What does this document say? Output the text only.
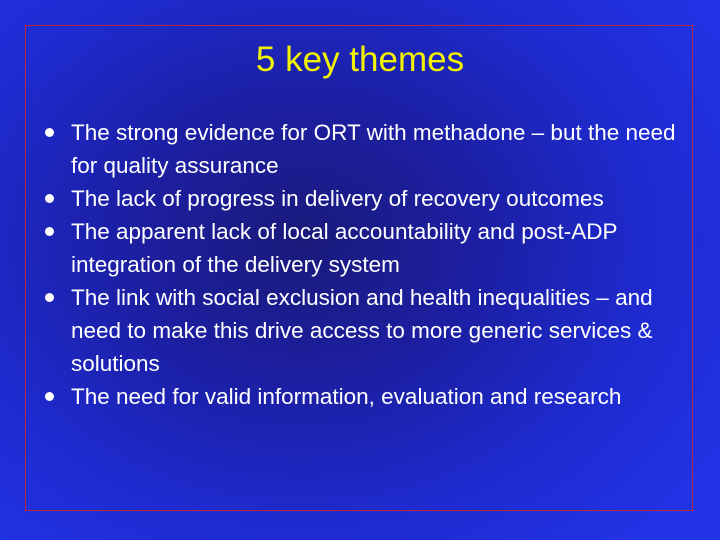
5 key themes
The strong evidence for ORT with methadone – but the need for quality assurance
The lack of progress in delivery of recovery outcomes
The apparent lack of local accountability and post-ADP integration of the delivery system
The link with social exclusion and health inequalities – and need to make this drive access to more generic services & solutions
The need for valid information, evaluation and research
